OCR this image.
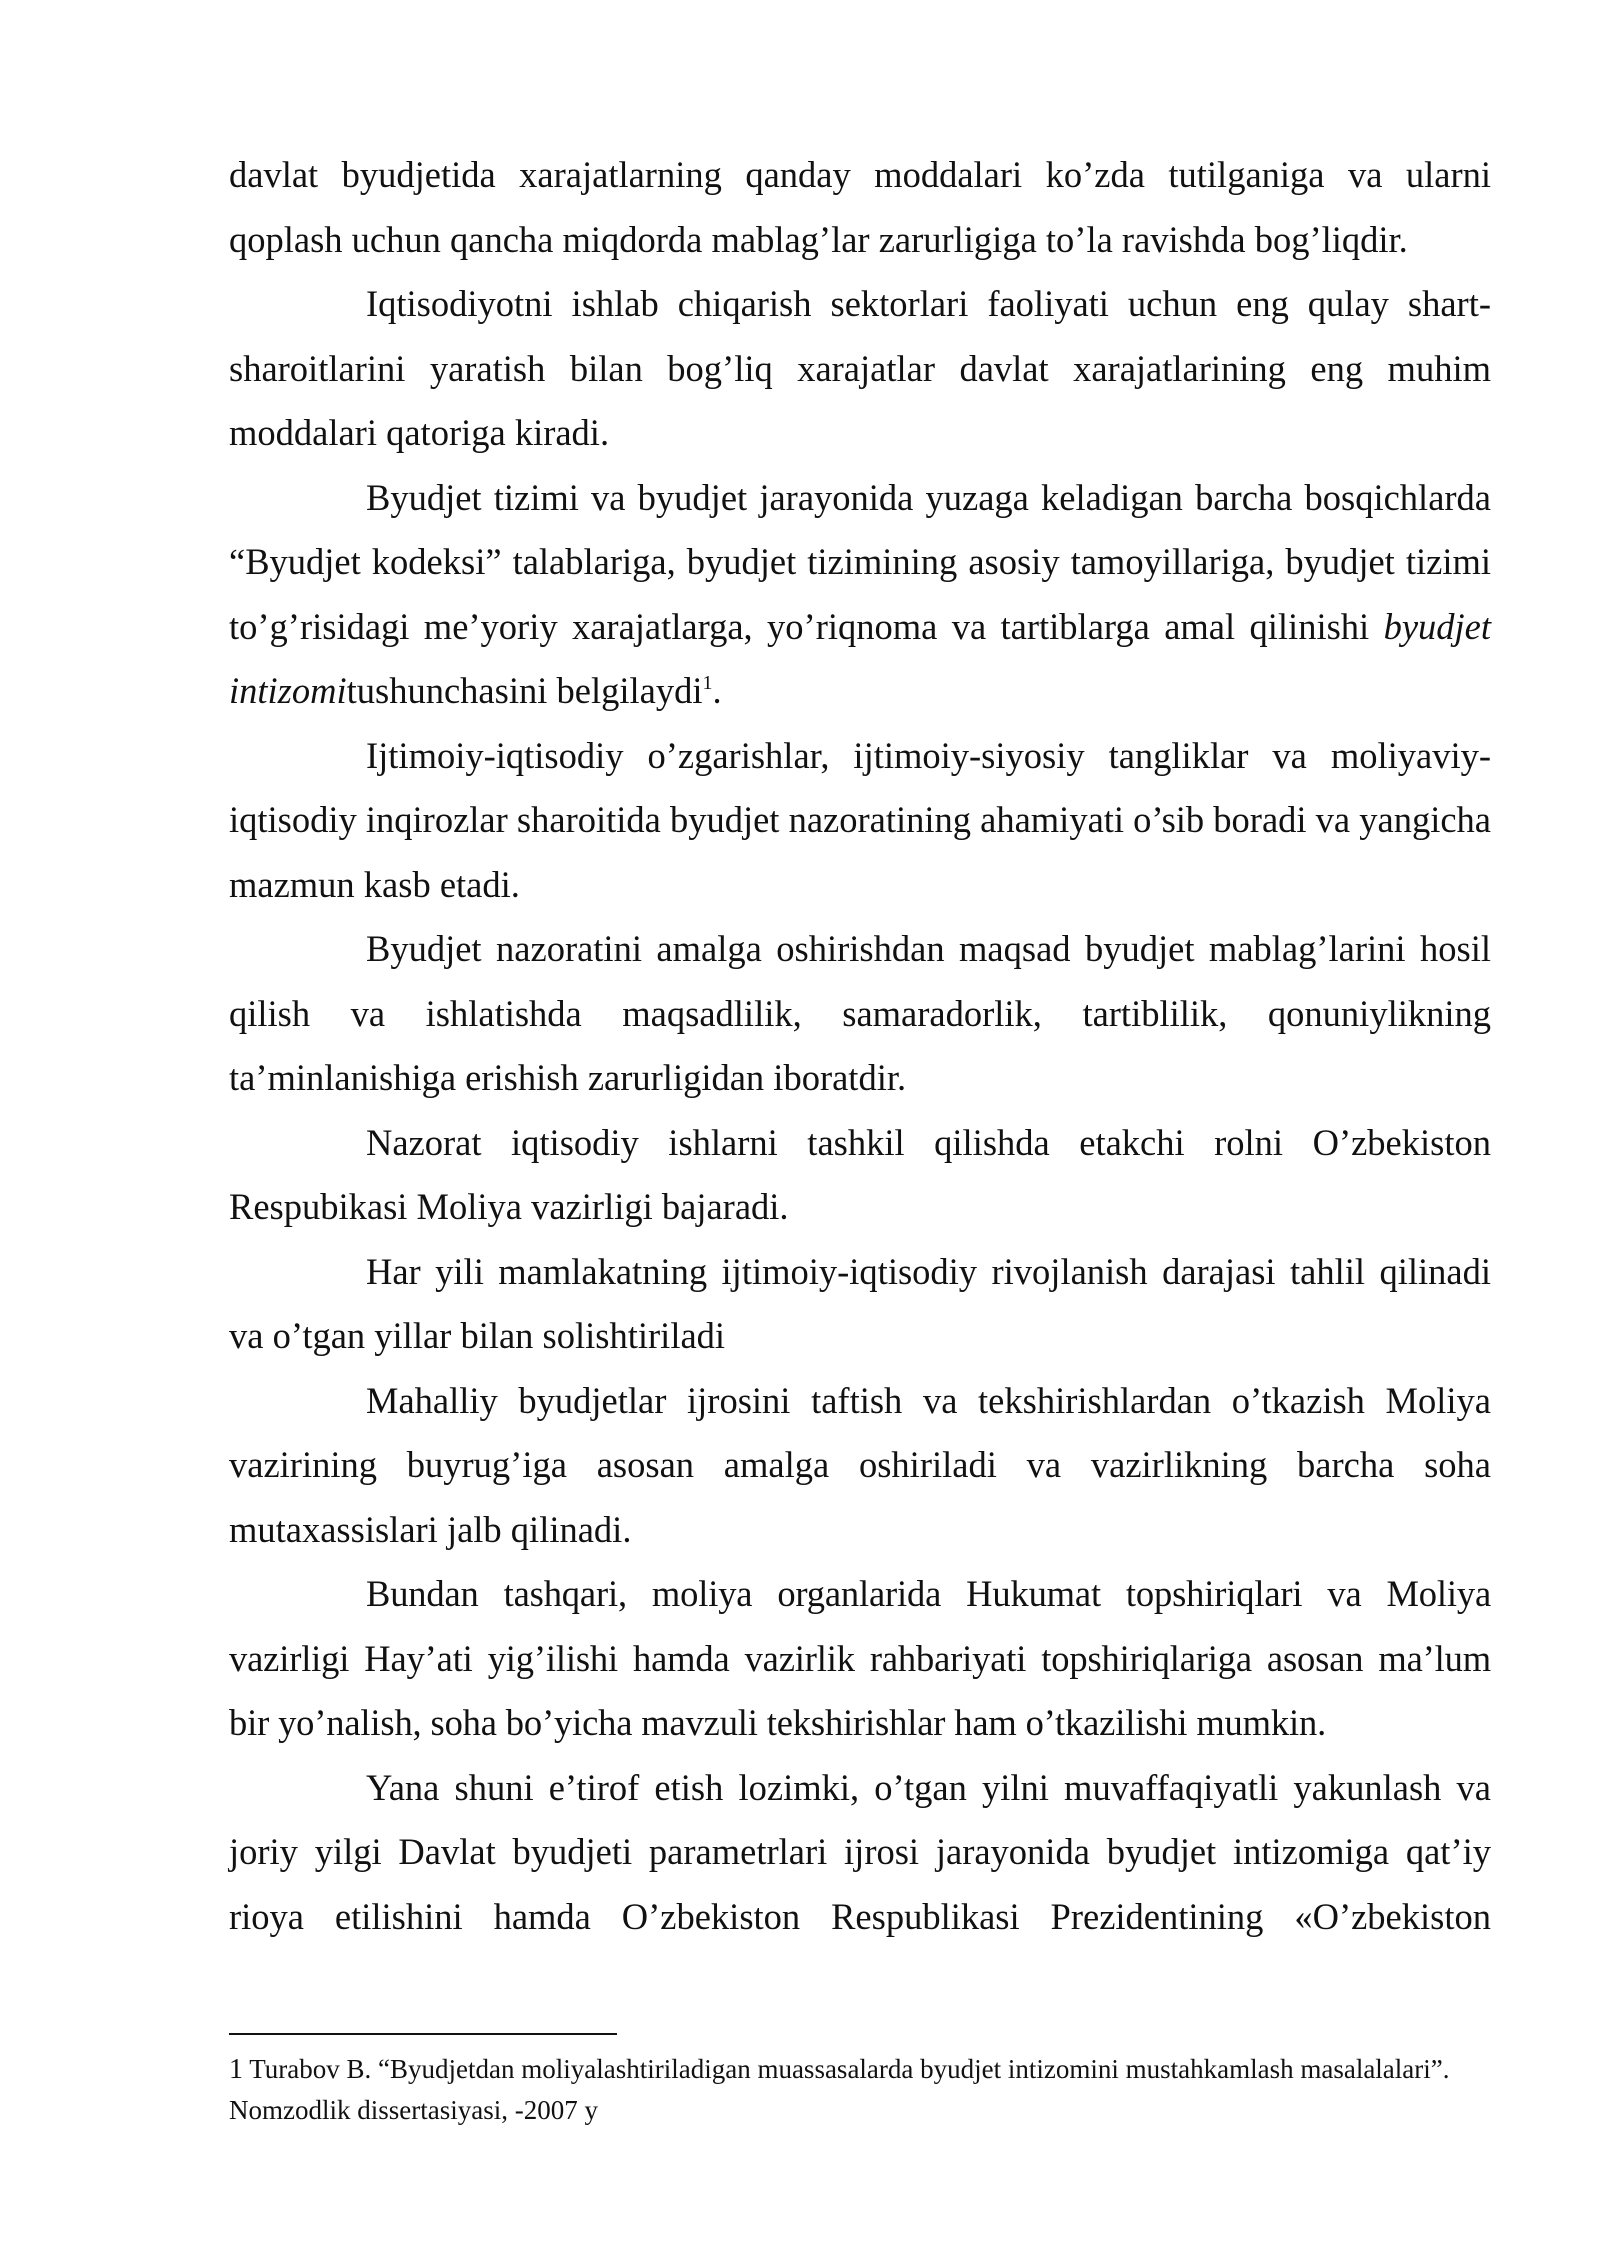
davlat byudjetida xarajatlarning qanday moddalari ko’zda tutilganiga va ularni qoplash uchun qancha miqdorda mablag’lar zarurligiga to’la ravishda bog’liqdir.

Iqtisodiyotni ishlab chiqarish sektorlari faoliyati uchun eng qulay shart-sharoitlarini yaratish bilan bog’liq xarajatlar davlat xarajatlarining eng muhim moddalari qatoriga kiradi.

Byudjet tizimi va byudjet jarayonida yuzaga keladigan barcha bosqichlarda “Byudjet kodeksi” talablariga, byudjet tizimining asosiy tamoyillariga, byudjet tizimi to’g’risidagi me’yoriy xarajatlarga, yo’riqnoma va tartiblarga amal qilinishi byudjet intizomitushunchasini belgilaydi$^1$.

Ijtimoiy-iqtisodiy o’zgarishlar, ijtimoiy-siyosiy tangliklar va moliyaviy-iqtisodiy inqirozlar sharoitida byudjet nazoratining ahamiyati o’sib boradi va yangicha mazmun kasb etadi.

Byudjet nazoratini amalga oshirishdan maqsad byudjet mablag’larini hosil qilish va ishlatishda maqsadlilik, samaradorlik, tartiblilik, qonuniylikning ta’minlanishiga erishish zarurligidan iboratdir.

Nazorat iqtisodiy ishlarni tashkil qilishda etakchi rolni O’zbekiston Respubikasi Moliya vazirligi bajaradi.

Har yili mamlakatning ijtimoiy-iqtisodiy rivojlanish darajasi tahlil qilinadi va o’tgan yillar bilan solishtiriladi

Mahalliy byudjetlar ijrosini taftish va tekshirishlardan o’tkazish Moliya vazirining buyrug’iga asosan amalga oshiriladi va vazirlikning barcha soha mutaxassislari jalb qilinadi.

Bundan tashqari, moliya organlarida Hukumat topshiriqlari va Moliya vazirligi Hay’ati yig’ilishi hamda vazirlik rahbariyati topshiriqlariga asosan ma’lum bir yo’nalish, soha bo’yicha mavzuli tekshirishlar ham o’tkazilishi mumkin.

Yana shuni e’tirof etish lozimki, o’tgan yilni muvaffaqiyatli yakunlash va joriy yilgi Davlat byudjeti parametrlari ijrosi jarayonida byudjet intizomiga qat’iy rioya etilishini hamda O’zbekiston Respublikasi Prezidentining «O’zbekiston

1 Turabov B. “Byudjetdan moliyalashtiriladigan muassasalarda byudjet intizomini mustahkamlash masalalalari”. Nomzodlik dissertasiyasi, -2007 y
